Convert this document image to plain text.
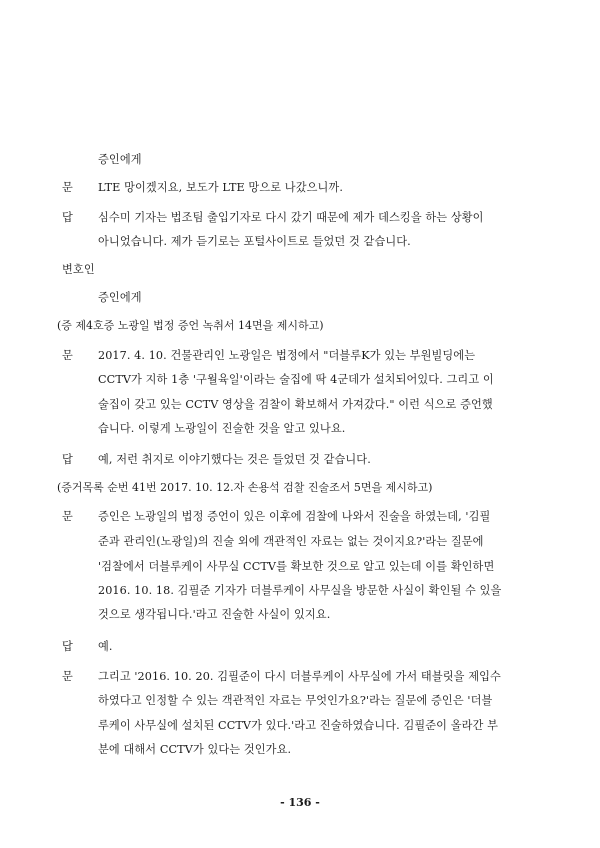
증인에게
문 LTE 망이겠지요, 보도가 LTE 망으로 나갔으니까.
답 심수미 기자는 법조팀 출입기자로 다시 갔기 때문에 제가 데스킹을 하는 상황이
아니었습니다. 제가 듣기로는 포털사이트로 들었던 것 같습니다.
변호인
증인에게
(증 제4호증 노광일 법정 증언 녹취서 14면을 제시하고)
문 2017. 4. 10. 건물관리인 노광일은 법정에서 "더블루K가 있는 부원빌딩에는
CCTV가 지하 1층 '구월육일'이라는 술집에 딱 4군데가 설치되어있다. 그리고 이
술집이 갖고 있는 CCTV 영상을 검찰이 확보해서 가져갔다." 이런 식으로 증언했
습니다. 이렇게 노광일이 진술한 것을 알고 있나요.
답 예, 저런 취지로 이야기했다는 것은 들었던 것 같습니다.
(증거목록 순번 41번 2017. 10. 12.자 손용석 검찰 진술조서 5면을 제시하고)
문 증인은 노광일의 법정 증언이 있은 이후에 검찰에 나와서 진술을 하였는데, '김필
준과 관리인(노광일)의 진술 외에 객관적인 자료는 없는 것이지요?'라는 질문에
'검찰에서 더블루케이 사무실 CCTV를 확보한 것으로 알고 있는데 이를 확인하면
2016. 10. 18. 김필준 기자가 더블루케이 사무실을 방문한 사실이 확인될 수 있을
것으로 생각됩니다.'라고 진술한 사실이 있지요.
답 예.
문 그리고 '2016. 10. 20. 김필준이 다시 더블루케이 사무실에 가서 태블릿을 제입수
하였다고 인정할 수 있는 객관적인 자료는 무엇인가요?'라는 질문에 증인은 '더블
루케이 사무실에 설치된 CCTV가 있다.'라고 진술하였습니다. 김필준이 올라간 부
분에 대해서 CCTV가 있다는 것인가요.
- 136 -
